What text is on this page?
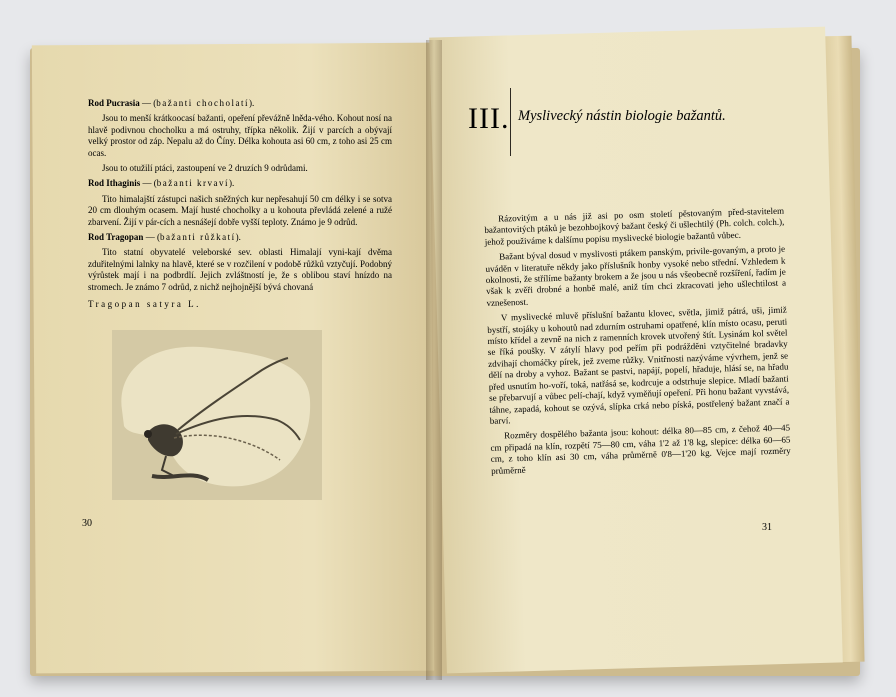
Rod Pucrasia — (bažanti chocholatí).

Jsou to menší krátkoocasí bažanti, opeření převážně lněda-vého. Kohout nosí na hlavě podivnou chocholku a má ostruhy, třípka několik. Žijí v parcích a obývají velký prostor od záp. Nepalu až do Číny. Délka kohouta asi 60 cm, z toho asi 25 cm ocas.

Jsou to otužilí ptáci, zastoupení ve 2 druzích 9 odrůdami.

Rod Ithaginis — (bažanti krvaví).

Tito himalajští zástupci našich sněžných kur nepřesahují 50 cm délky i se sotva 20 cm dlouhým ocasem. Mají husté chocholky a u kohouta převládá zelené a ružé zbarvení. Žijí v pár-cích a nesnášejí dobře vyšší teploty. Známo je 9 odrůd.

Rod Tragopan — (bažanti růžkatí).

Tito statní obyvatelé veleborské sev. oblasti Himalají vyni-kají dvěma zduřitelnými lalnky na hlavě, které se v rozčilení v podobě růžků vztyčují. Podobný výrůstek mají i na podbrdlí. Jejich zvláštností je, že s oblibou staví hnízdo na stromech. Je známo 7 odrůd, z nichž nejhojnější bývá chovaná

Tragopan satyra L.

30
III. Myslivecký nástin biologie bažantů.

Rázovitým a u nás již asi po osm století pěstovaným před-stavitelem bažantovitých ptáků je bezohbojkový bažant český či ušlechtilý (Ph. colch. colch.), jehož použiváme k dalšímu popisu myslivecké biologie bažantů vůbec.

Bažant býval dosud v myslivosti ptákem panským, privile-govaným, a proto je uváděn v literatuře někdy jako příslušník honby vysoké nebo střední. Vzhledem k okolnosti, že střílíme bažanty brokem a že jsou u nás všeobecně rozšíření, řadím je však k zvěři drobné a honbě malé, aniž tím chci zkracovati jeho ušlechtilost a vznešenost.

V myslivecké mluvě příslušní bažantu klovec, světla, jimiž pátrá, uši, jimiž bystří, stojáky u kohoutů nad zdurním ostruhami opatřené, klín místo ocasu, peruti místo křídel a zevně na nich z ramenních krovek utvořený štít. Lysinám kol světel se říká poušky. V zátylí hlavy pod peřím při podrážděni vztyčitelné bradavky zdvihají chomáčky pírek, jež zveme růžky. Vnitřnosti nazýváme vývrhem, jenž se dělí na droby a vyhoz. Bažant se pastvi, napájí, popelí, hřaduje, hlásí se, na hřadu před usnutím ho-voří, toká, natřásá se, kodrcuje a odstrhuje slepice. Mladí bažanti se přebarvují a vůbec pelí-chají, když vyměňují opeření. Při honu bažant vyvstává, táhne, zapadá, kohout se ozývá, slípka crká nebo píská, postřelený bažant značí a barví.

Rozměry dospělého bažanta jsou: kohout: délka 80—85 cm, z čehož 40—45 cm připadá na klín, rozpětí 75—80 cm, váha 1'2 až 1'8 kg, slepice: délka 60—65 cm, z toho klín asi 30 cm, váha průměrně 0'8—1'20 kg. Vejce mají rozměry průměrně

31
